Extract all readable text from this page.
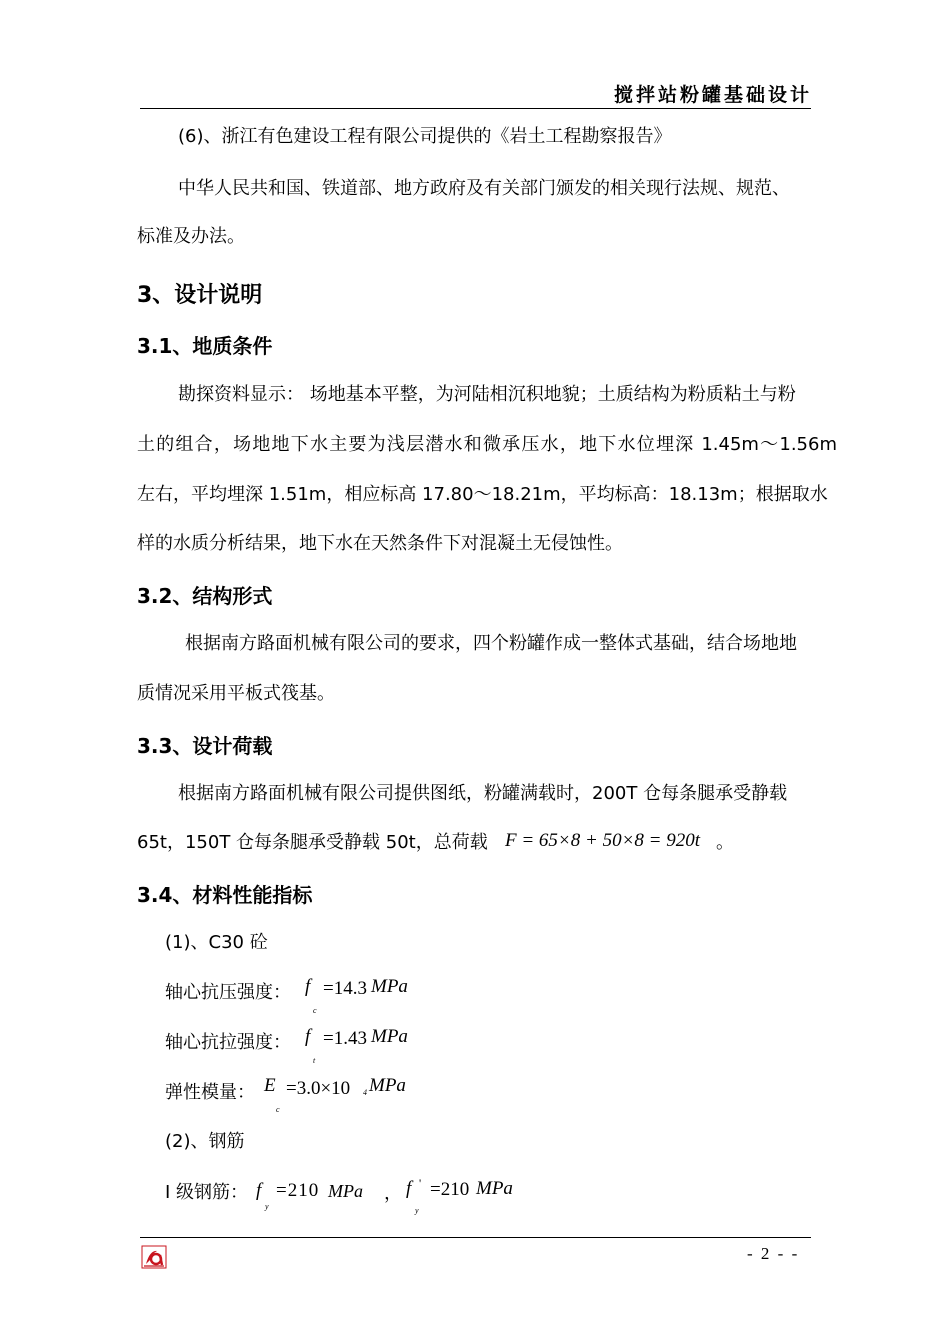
搅拌站粉罐基础设计
(6)、浙江有色建设工程有限公司提供的《岩土工程勘察报告》
中华人民共和国、铁道部、地方政府及有关部门颁发的相关现行法规、规范、
标准及办法。
3、设计说明
3.1、地质条件
勘探资料显示： 场地基本平整，为河陆相沉积地貌；土质结构为粉质粘土与粉
土的组合，场地地下水主要为浅层潜水和微承压水，地下水位埋深 1.45m～1.56m
左右，平均埋深 1.51m，相应标高 17.80～18.21m，平均标高：18.13m；根据取水
样的水质分析结果，地下水在天然条件下对混凝土无侵蚀性。
3.2、结构形式
根据南方路面机械有限公司的要求，四个粉罐作成一整体式基础，结合场地地
质情况采用平板式筏基。
3.3、设计荷载
根据南方路面机械有限公司提供图纸，粉罐满载时，200T 仓每条腿承受静载
65t，150T 仓每条腿承受静载 50t，总荷载 F = 65×8 + 50×8 = 920t 。
3.4、材料性能指标
(1)、C30 砼
轴心抗压强度： f
c
=14.3 MPa
轴心抗拉强度： f
t
=1.43 MPa
弹性模量： E
c
=3.0×10 4 MPa
(2)、钢筋
I 级钢筋： f
y
=210 MPa ， f '
y
=210 MPa
- 2 - -
